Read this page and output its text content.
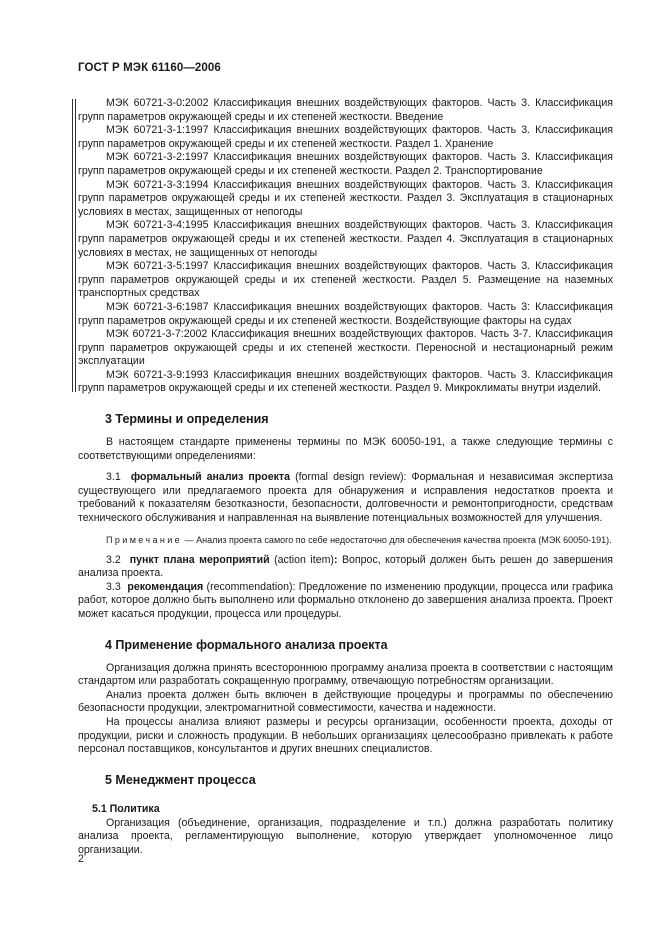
ГОСТ Р МЭК 61160—2006

МЭК 60721-3-0:2002 Классификация внешних воздействующих факторов. Часть 3. Классификация групп параметров окружающей среды и их степеней жесткости. Введение

МЭК 60721-3-1:1997 Классификация внешних воздействующих факторов. Часть 3. Классификация групп параметров окружающей среды и их степеней жесткости. Раздел 1. Хранение

МЭК 60721-3-2:1997 Классификация внешних воздействующих факторов. Часть 3. Классификация групп параметров окружающей среды и их степеней жесткости. Раздел 2. Транспортирование

МЭК 60721-3-3:1994 Классификация внешних воздействующих факторов. Часть 3. Классификация групп параметров окружающей среды и их степеней жесткости. Раздел 3. Эксплуатация в стационарных условиях в местах, защищенных от непогоды

МЭК 60721-3-4:1995 Классификация внешних воздействующих факторов. Часть 3. Классификация групп параметров окружающей среды и их степеней жесткости. Раздел 4. Эксплуатация в стационарных условиях в местах, не защищенных от непогоды

МЭК 60721-3-5:1997 Классификация внешних воздействующих факторов. Часть 3. Классификация групп параметров окружающей среды и их степеней жесткости. Раздел 5. Размещение на наземных транспортных средствах

МЭК 60721-3-6:1987 Классификация внешних воздействующих факторов. Часть 3: Классификация групп параметров окружающей среды и их степеней жесткости. Воздействующие факторы на судах

МЭК 60721-3-7:2002 Классификация внешних воздействующих факторов. Часть 3-7. Классификация групп параметров окружающей среды и их степеней жесткости. Переносной и нестационарный режим эксплуатации

МЭК 60721-3-9:1993 Классификация внешних воздействующих факторов. Часть 3. Классификация групп параметров окружающей среды и их степеней жесткости. Раздел 9. Микроклиматы внутри изделий.

3 Термины и определения

В настоящем стандарте применены термины по МЭК 60050-191, а также следующие термины с соответствующими определениями:

3.1 формальный анализ проекта (formal design review): Формальная и независимая экспертиза существующего или предлагаемого проекта для обнаружения и исправления недостатков проекта и требований к показателям безотказности, безопасности, долговечности и ремонтопригодности, средствам технического обслуживания и направленная на выявление потенциальных возможностей для улучшения.

Примечание — Анализ проекта самого по себе недостаточно для обеспечения качества проекта (МЭК 60050-191).

3.2 пункт плана мероприятий (action item): Вопрос, который должен быть решен до завершения анализа проекта.

3.3 рекомендация (recommendation): Предложение по изменению продукции, процесса или графика работ, которое должно быть выполнено или формально отклонено до завершения анализа проекта. Проект может касаться продукции, процесса или процедуры.

4 Применение формального анализа проекта

Организация должна принять всестороннюю программу анализа проекта в соответствии с настоящим стандартом или разработать сокращенную программу, отвечающую потребностям организации.

Анализ проекта должен быть включен в действующие процедуры и программы по обеспечению безопасности продукции, электромагнитной совместимости, качества и надежности.

На процессы анализа влияют размеры и ресурсы организации, особенности проекта, доходы от продукции, риски и сложность продукции. В небольших организациях целесообразно привлекать к работе персонал поставщиков, консультантов и других внешних специалистов.

5 Менеджмент процесса
5.1 Политика

Организация (объединение, организация, подразделение и т.п.) должна разработать политику анализа проекта, регламентирующую выполнение, которую утверждает уполномоченное лицо организации.

2
